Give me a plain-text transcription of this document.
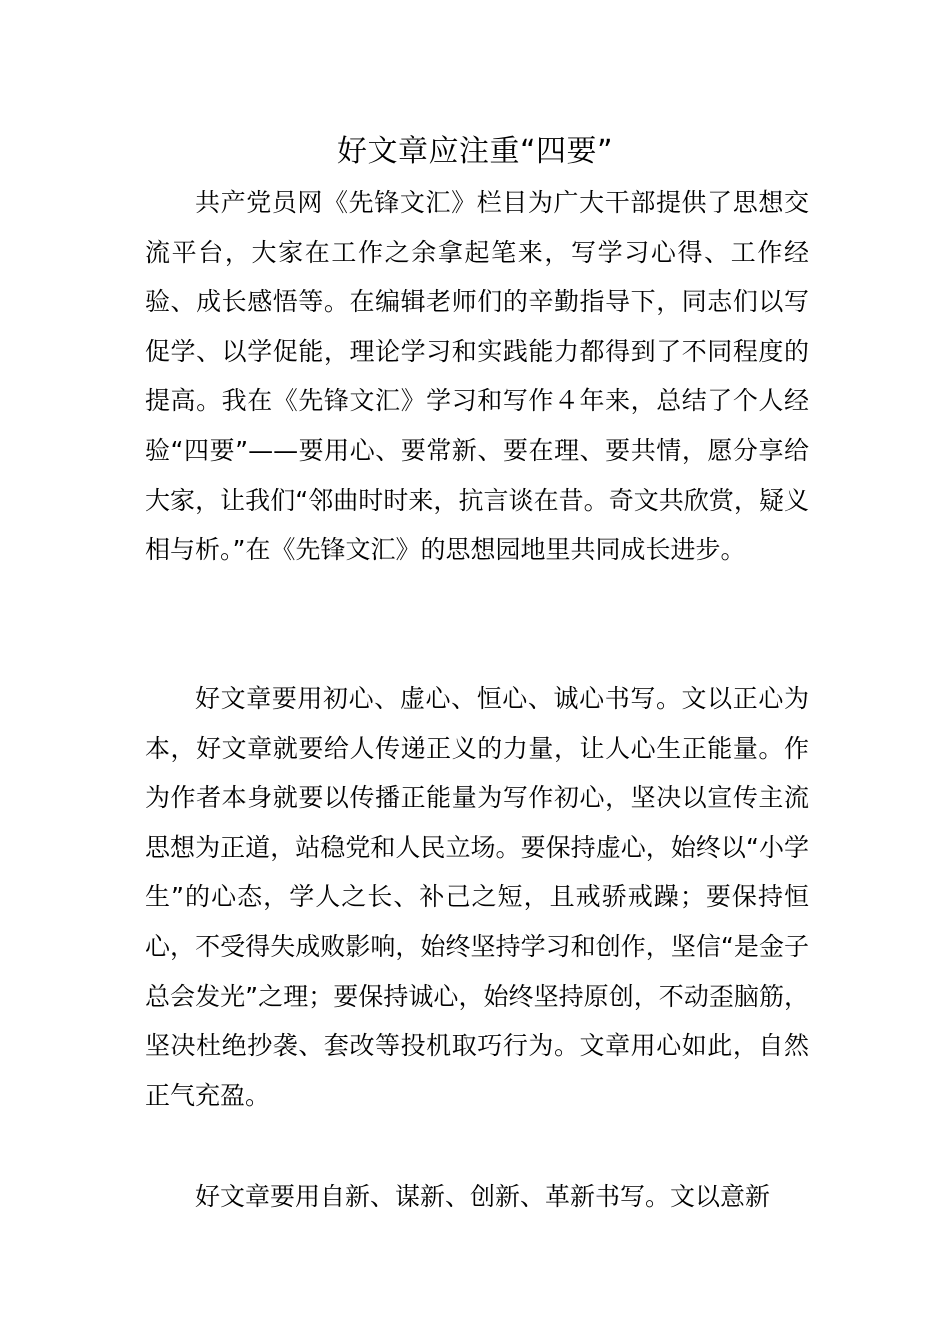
好文章应注重“四要”

共产党员网《先锋文汇》栏目为广大干部提供了思想交流平台，大家在工作之余拿起笔来，写学习心得、工作经验、成长感悟等。在编辑老师们的辛勤指导下，同志们以写促学、以学促能，理论学习和实践能力都得到了不同程度的提高。我在《先锋文汇》学习和写作４年来，总结了个人经验“四要”——要用心、要常新、要在理、要共情，愿分享给大家，让我们“邻曲时时来，抗言谈在昔。奇文共欣赏，疑义相与析。”在《先锋文汇》的思想园地里共同成长进步。

好文章要用初心、虚心、恒心、诚心书写。文以正心为本，好文章就要给人传递正义的力量，让人心生正能量。作为作者本身就要以传播正能量为写作初心，坚决以宣传主流思想为正道，站稳党和人民立场。要保持虚心，始终以“小学生”的心态，学人之长、补己之短，且戒骄戒躁；要保持恒心，不受得失成败影响，始终坚持学习和创作，坚信“是金子总会发光”之理；要保持诚心，始终坚持原创，不动歪脑筋，坚决杜绝抄袭、套改等投机取巧行为。文章用心如此，自然正气充盈。

好文章要用自新、谋新、创新、革新书写。文以意新
